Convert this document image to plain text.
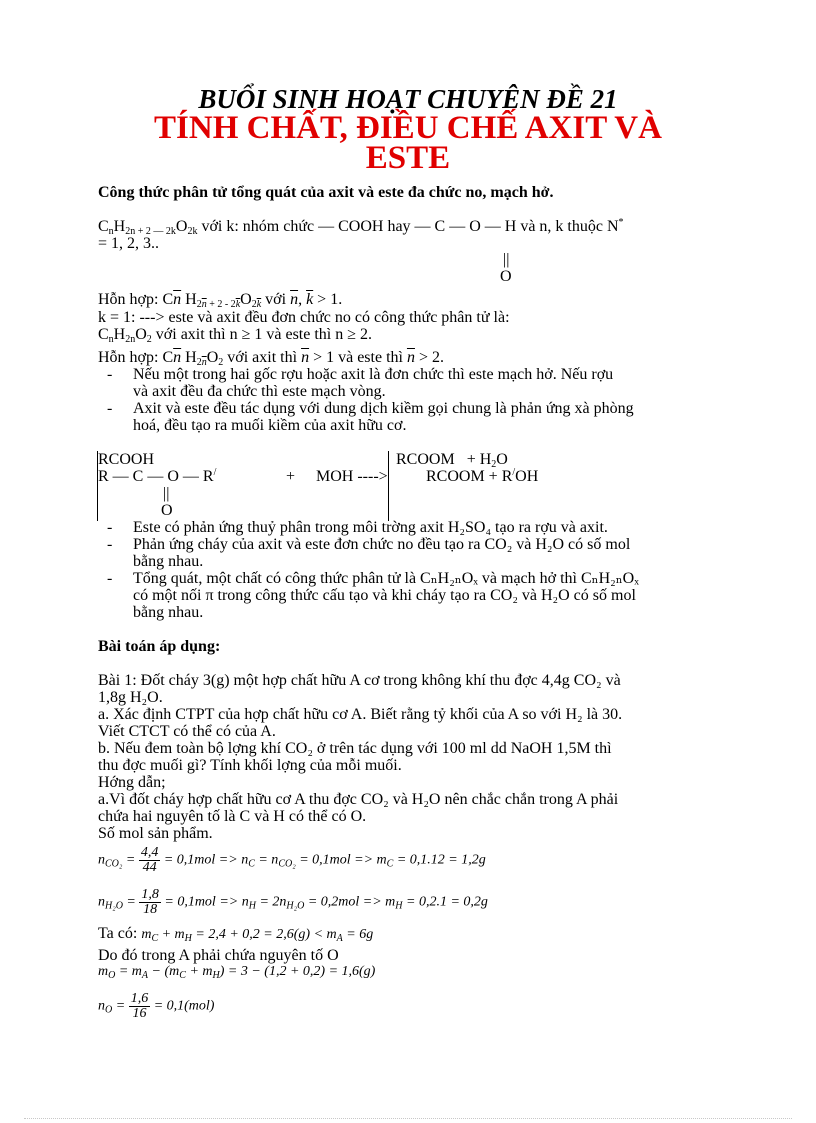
BUỔI SINH HOẠT CHUYÊN ĐỀ 21
TÍNH CHẤT, ĐIỀU CHẾ AXIT VÀ
ESTE
Công thức phân tử tổng quát của axit và este đa chức no, mạch hở.
$C_nH_{2n + 2 — 2k}O_{2k}$ với k: nhóm chức — COOH hay — C — O — H và n, k thuộc N*
= 1, 2, 3..
||
O
Hỗn hợp: $C\overline{n}$ $H_{2\overline{n} + 2 - 2\overline{k}}O_{2\overline{k}}$ với $\overline{n}$, $\overline{k} > 1$.
k = 1: ---> este và axit đều đơn chức no có công thức phân tử là:
$C_nH_{2n}O_2$ với axit thì n ≥ 1 và este thì n ≥ 2.
Hỗn hợp: $C\overline{n}$ $H_{2\overline{n}}O_2$ với axit thì $\overline{n} > 1$ và este thì $\overline{n} > 2$.
- Nếu một trong hai gốc rợu hoặc axit là đơn chức thì este mạch hở. Nếu rợu
và axit đều đa chức thì este mạch vòng.
- Axit và este đều tác dụng với dung dịch kiềm gọi chung là phản ứng xà phòng
hoá, đều tạo ra muối kiềm của axit hữu cơ.
RCOOH
R — C — O — R/	+ MOH ---->
RCOOM + $H_2O$
RCOOM + R/OH
||
O
- Este có phản ứng thuỷ phân trong môi trờng axit H₂SO₄ tạo ra rợu và axit.
- Phản ứng cháy của axit và este đơn chức no đều tạo ra CO₂ và H₂O có số mol
bằng nhau.
- Tổng quát, một chất có công thức phân tử là CₙH₂ₙOₓ và mạch hở thì CₙH₂ₙOₓ
có một nối π trong công thức cấu tạo và khi cháy tạo ra CO₂ và H₂O có số mol
bằng nhau.
Bài toán áp dụng:
Bài 1: Đốt cháy 3(g) một hợp chất hữu A cơ trong không khí thu đợc 4,4g CO₂ và
1,8g H₂O.
a. Xác định CTPT của hợp chất hữu cơ A. Biết rằng tỷ khối của A so với H₂ là 30.
Viết CTCT có thể có của A.
b. Nếu đem toàn bộ lợng khí CO₂ ở trên tác dụng với 100 ml dd NaOH 1,5M thì
thu đợc muối gì? Tính khối lợng của mỗi muối.
Hớng dẫn;
a.Vì đốt cháy hợp chất hữu cơ A thu đợc CO₂ và H₂O nên chắc chắn trong A phải
chứa hai nguyên tố là C và H có thể có O.
Số mol sản phẩm.
$n_{CO_2} = \frac{4,4}{44} = 0,1mol => n_C = n_{CO_2} = 0,1mol => m_C = 0,1.12 = 1,2g$
$n_{H_2O} = \frac{1,8}{18} = 0,1mol => n_H = 2n_{H_2O} = 0,2mol => m_H = 0,2.1 = 0,2g$
Ta có: $m_C + m_H = 2,4 + 0,2 = 2,6(g) < m_A = 6g$
Do đó trong A phải chứa nguyên tố O
$m_O = m_A - (m_C + m_H) = 3 - (1,2 + 0,2) = 1,6(g)$
$n_O = \frac{1,6}{16} = 0,1(mol)$
